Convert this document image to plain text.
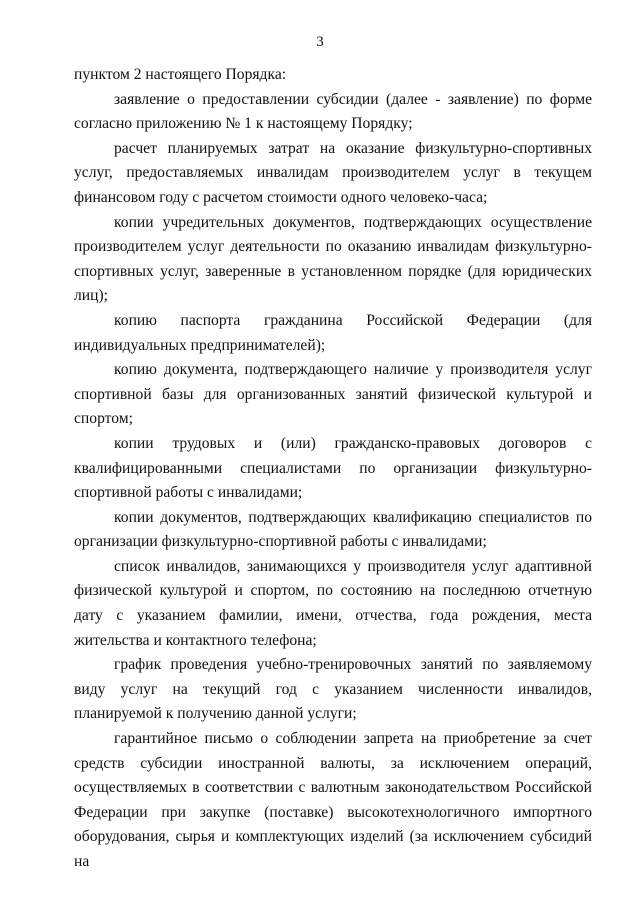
3

пунктом 2 настоящего Порядка:

заявление о предоставлении субсидии (далее - заявление) по форме согласно приложению № 1 к настоящему Порядку;

расчет планируемых затрат на оказание физкультурно-спортивных услуг, предоставляемых инвалидам производителем услуг в текущем финансовом году с расчетом стоимости одного человеко-часа;

копии учредительных документов, подтверждающих осуществление производителем услуг деятельности по оказанию инвалидам физкультурно-спортивных услуг, заверенные в установленном порядке (для юридических лиц);

копию паспорта гражданина Российской Федерации (для индивидуальных предпринимателей);

копию документа, подтверждающего наличие у производителя услуг спортивной базы для организованных занятий физической культурой и спортом;

копии трудовых и (или) гражданско-правовых договоров с квалифицированными специалистами по организации физкультурно-спортивной работы с инвалидами;

копии документов, подтверждающих квалификацию специалистов по организации физкультурно-спортивной работы с инвалидами;

список инвалидов, занимающихся у производителя услуг адаптивной физической культурой и спортом, по состоянию на последнюю отчетную дату с указанием фамилии, имени, отчества, года рождения, места жительства и контактного телефона;

график проведения учебно-тренировочных занятий по заявляемому виду услуг на текущий год с указанием численности инвалидов, планируемой к получению данной услуги;

гарантийное письмо о соблюдении запрета на приобретение за счет средств субсидии иностранной валюты, за исключением операций, осуществляемых в соответствии с валютным законодательством Российской Федерации при закупке (поставке) высокотехнологичного импортного оборудования, сырья и комплектующих изделий (за исключением субсидий на
